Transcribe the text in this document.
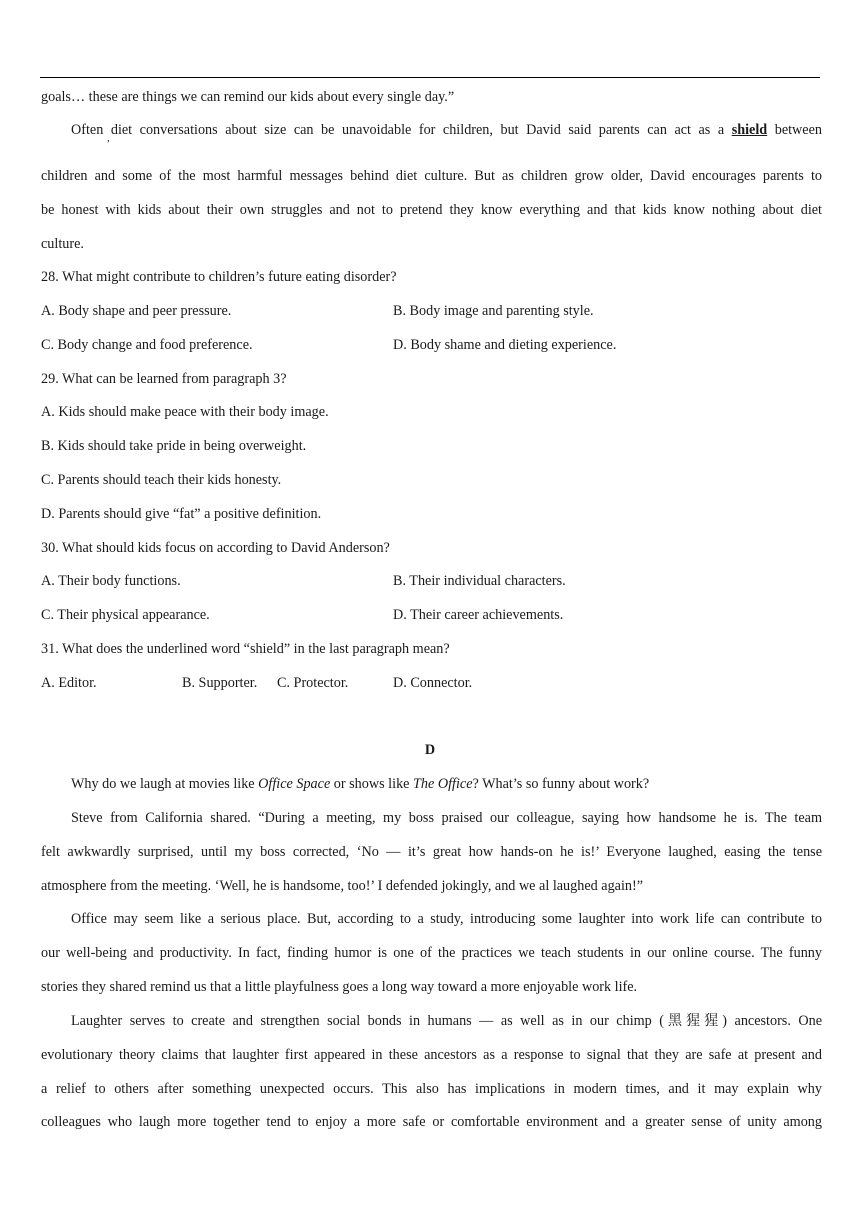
goals… these are things we can remind our kids about every single day.”
Often diet conversations about size can be unavoidable for children, but David said parents can act as a shield between
,
children and some of the most harmful messages behind diet culture. But as children grow older, David encourages parents to
be honest with kids about their own struggles and not to pretend they know everything and that kids know nothing about diet
culture.
28. What might contribute to children’s future eating disorder?
A. Body shape and peer pressure.	B. Body image and parenting style.
C. Body change and food preference.	D. Body shame and dieting experience.
29. What can be learned from paragraph 3?
A. Kids should make peace with their body image.
B. Kids should take pride in being overweight.
C. Parents should teach their kids honesty.
D. Parents should give “fat” a positive definition.
30. What should kids focus on according to David Anderson?
A. Their body functions.	B. Their individual characters.
C. Their physical appearance.	D. Their career achievements.
31. What does the underlined word “shield” in the last paragraph mean?
A. Editor.	B. Supporter. C. Protector.	D. Connector.
D
Why do we laugh at movies like Office Space or shows like The Office? What’s so funny about work?
Steve from California shared. “During a meeting, my boss praised our colleague, saying how handsome he is. The team
felt awkwardly surprised, until my boss corrected, ‘No — it’s great how hands-on he is!’ Everyone laughed, easing the tense
atmosphere from the meeting. ‘Well, he is handsome, too!’ I defended jokingly, and we al laughed again!”
Office may seem like a serious place. But, according to a study, introducing some laughter into work life can contribute to
our well-being and productivity. In fact, finding humor is one of the practices we teach students in our online course. The funny
stories they shared remind us that a little playfulness goes a long way toward a more enjoyable work life.
Laughter serves to create and strengthen social bonds in humans — as well as in our chimp (黑猩猩) ancestors. One
evolutionary theory claims that laughter first appeared in these ancestors as a response to signal that they are safe at present and
a relief to others after something unexpected occurs. This also has implications in modern times, and it may explain why
colleagues who laugh more together tend to enjoy a more safe or comfortable environment and a greater sense of unity among
